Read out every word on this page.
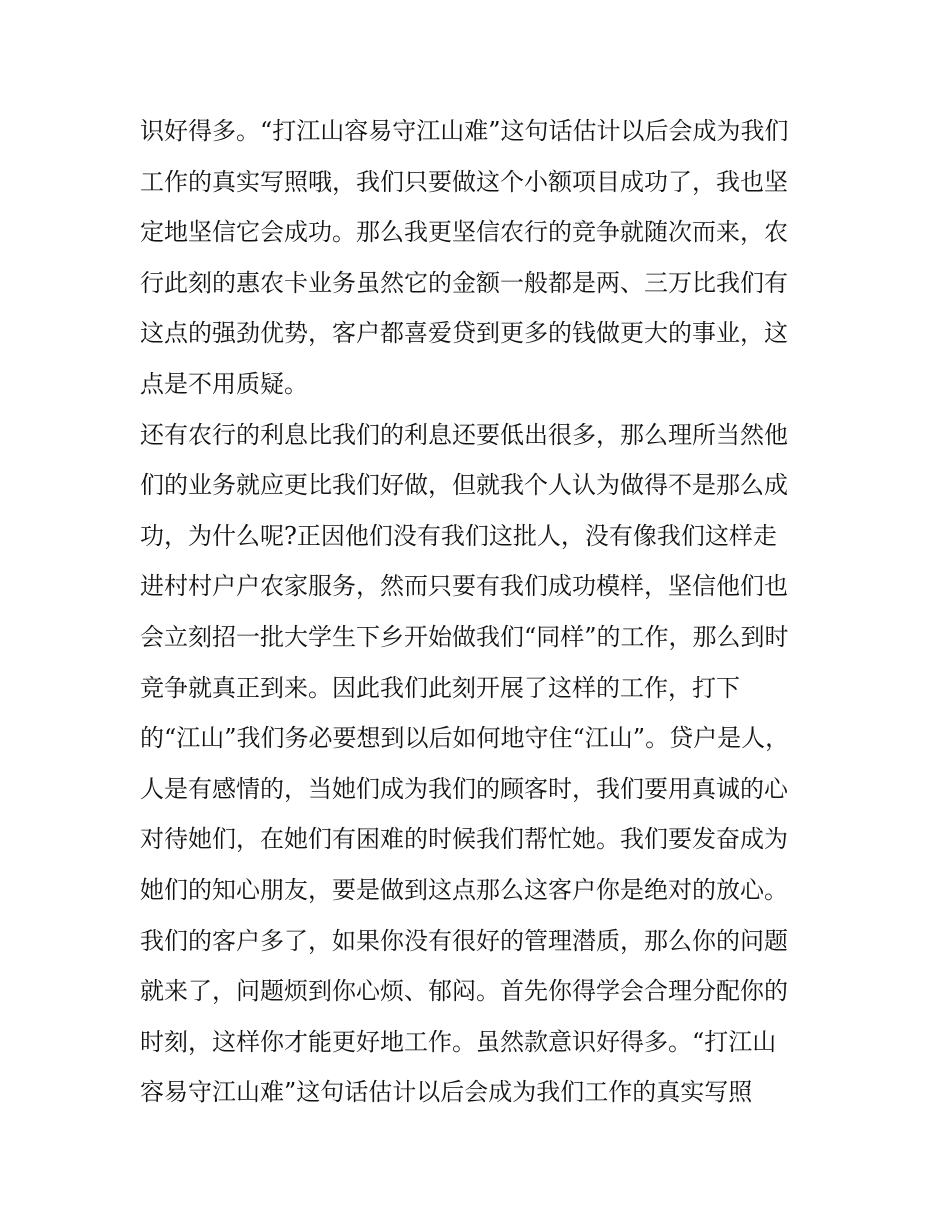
识好得多。“打江山容易守江山难”这句话估计以后会成为我们
工作的真实写照哦，我们只要做这个小额项目成功了，我也坚
定地坚信它会成功。那么我更坚信农行的竞争就随次而来，农
行此刻的惠农卡业务虽然它的金额一般都是两、三万比我们有
这点的强劲优势，客户都喜爱贷到更多的钱做更大的事业，这
点是不用质疑。
还有农行的利息比我们的利息还要低出很多，那么理所当然他
们的业务就应更比我们好做，但就我个人认为做得不是那么成
功，为什么呢?正因他们没有我们这批人，没有像我们这样走
进村村户户农家服务，然而只要有我们成功模样，坚信他们也
会立刻招一批大学生下乡开始做我们“同样”的工作，那么到时
竞争就真正到来。因此我们此刻开展了这样的工作，打下
的“江山”我们务必要想到以后如何地守住“江山”。贷户是人，
人是有感情的，当她们成为我们的顾客时，我们要用真诚的心
对待她们，在她们有困难的时候我们帮忙她。我们要发奋成为
她们的知心朋友，要是做到这点那么这客户你是绝对的放心。
我们的客户多了，如果你没有很好的管理潜质，那么你的问题
就来了，问题烦到你心烦、郁闷。首先你得学会合理分配你的
时刻，这样你才能更好地工作。虽然款意识好得多。“打江山
容易守江山难”这句话估计以后会成为我们工作的真实写照
